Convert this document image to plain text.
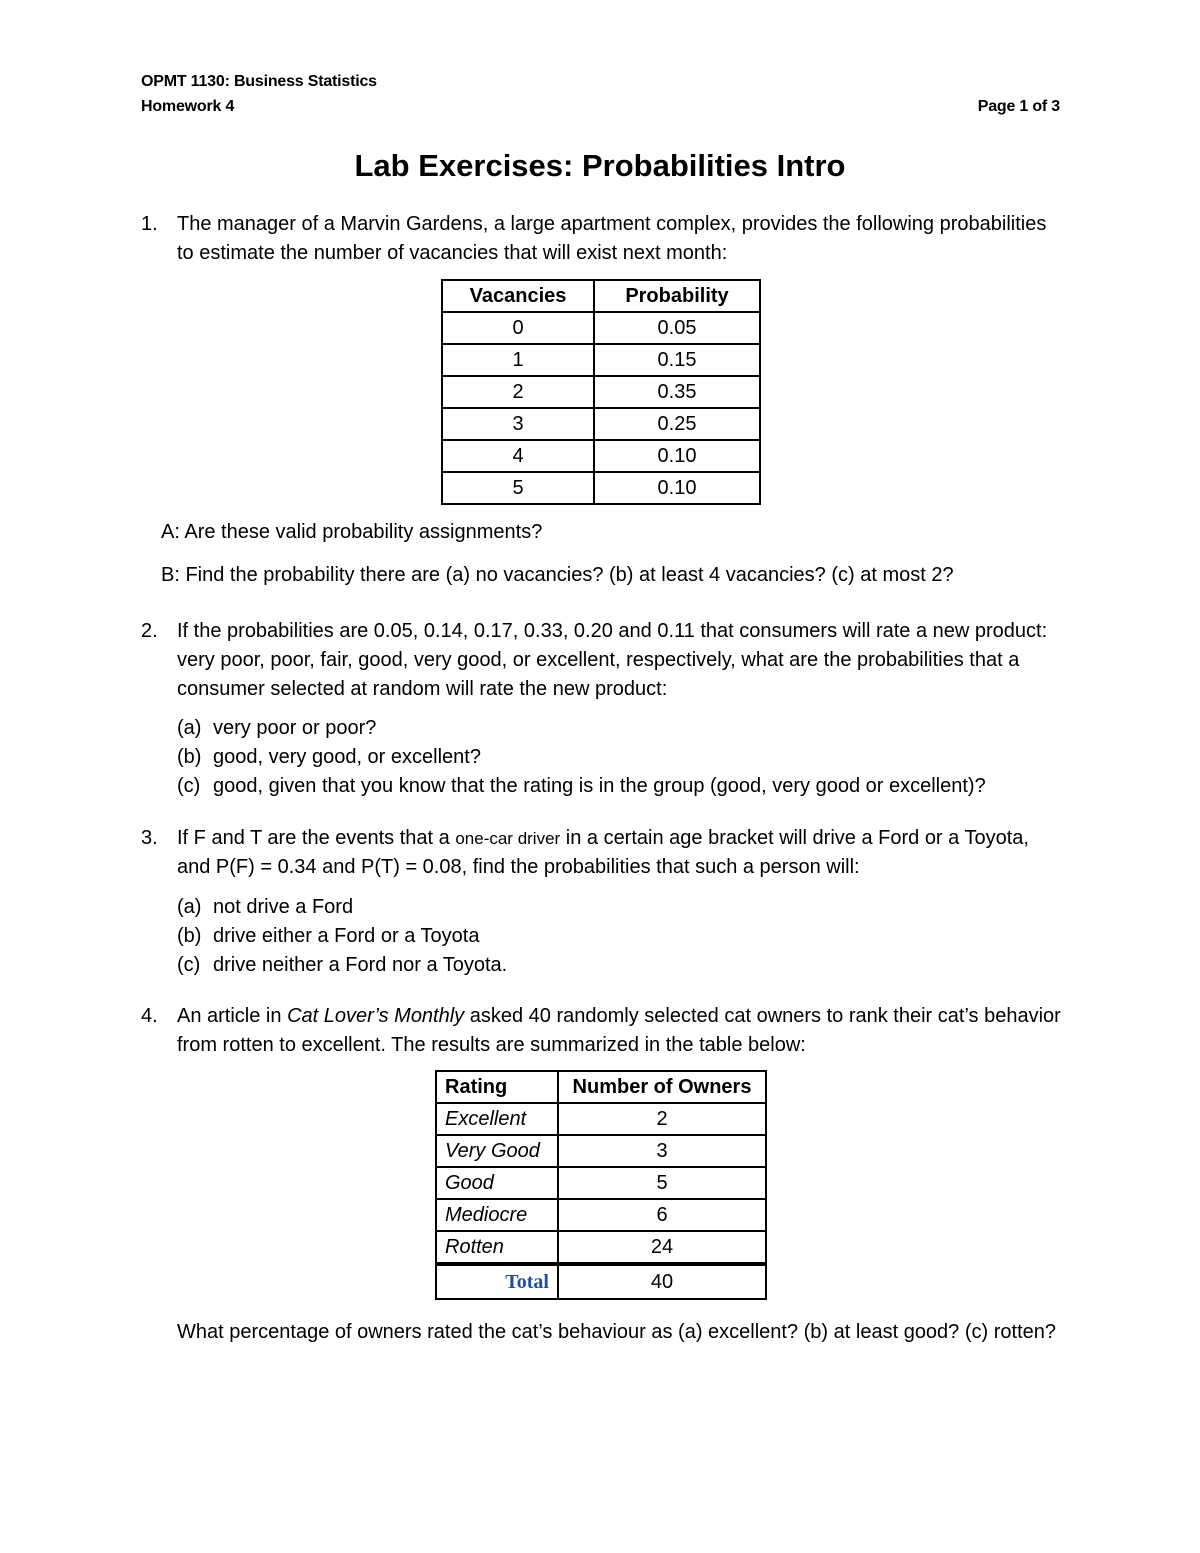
OPMT 1130: Business Statistics
Homework 4	Page 1 of 3
Lab Exercises: Probabilities Intro
1. The manager of a Marvin Gardens, a large apartment complex, provides the following probabilities to estimate the number of vacancies that will exist next month:
Vacancies	Probability
0	0.05
1	0.15
2	0.35
3	0.25
4	0.10
5	0.10
A: Are these valid probability assignments?
B: Find the probability there are (a) no vacancies? (b) at least 4 vacancies? (c) at most 2?
2. If the probabilities are 0.05, 0.14, 0.17, 0.33, 0.20 and 0.11 that consumers will rate a new product: very poor, poor, fair, good, very good, or excellent, respectively, what are the probabilities that a consumer selected at random will rate the new product:
(a) very poor or poor?
(b) good, very good, or excellent?
(c) good, given that you know that the rating is in the group (good, very good or excellent)?
3. If F and T are the events that a one-car driver in a certain age bracket will drive a Ford or a Toyota, and P(F) = 0.34 and P(T) = 0.08, find the probabilities that such a person will:
(a) not drive a Ford
(b) drive either a Ford or a Toyota
(c) drive neither a Ford nor a Toyota.
4. An article in Cat Lover’s Monthly asked 40 randomly selected cat owners to rank their cat’s behavior from rotten to excellent. The results are summarized in the table below:
Rating	Number of Owners
Excellent	2
Very Good	3
Good	5
Mediocre	6
Rotten	24
Total	40
What percentage of owners rated the cat’s behaviour as (a) excellent? (b) at least good? (c) rotten?
